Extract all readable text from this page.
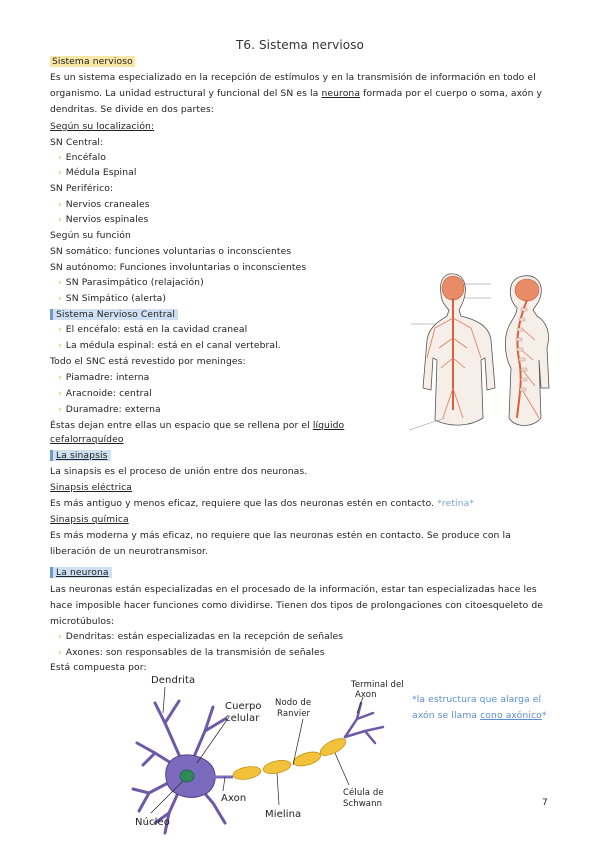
T6. Sistema nervioso
Sistema nervioso
Es un sistema especializado en la recepción de estímulos y en la transmisión de información en todo el
organismo. La unidad estructural y funcional del SN es la neurona formada por el cuerpo o soma, axón y
dendritas. Se divide en dos partes:
Según su localización:
SN Central:
› Encéfalo
› Médula Espinal
SN Periférico:
› Nervios craneales
› Nervios espinales
Según su función
SN somático: funciones voluntarias o inconscientes
SN autónomo: Funciones involuntarias o inconscientes
› SN Parasimpático (relajación)
› SN Simpático (alerta)
Sistema Nervioso Central
› El encéfalo: está en la cavidad craneal
› La médula espinal: está en el canal vertebral.
Todo el SNC está revestido por meninges:
› Piamadre: interna
› Aracnoide: central
› Duramadre: externa
Éstas dejan entre ellas un espacio que se rellena por el líquido
cefalorraquídeo
La sinapsis
La sinapsis es el proceso de unión entre dos neuronas.
Sinapsis eléctrica
Es más antiguo y menos eficaz, requiere que las dos neuronas estén en contacto. *retina*
Sinapsis química
Es más moderna y más eficaz, no requiere que las neuronas estén en contacto. Se produce con la
liberación de un neurotransmisor.
La neurona
Las neuronas están especializadas en el procesado de la información, estar tan especializadas hace les
hace imposible hacer funciones como dividirse. Tienen dos tipos de prolongaciones con citoesqueleto de
microtúbulos:
› Dendritas: están especializadas en la recepción de señales
› Axones: son responsables de la transmisión de señales
Está compuesta por:
Dendrita
Cuerpo
celular
Nodo de
Ranvier
Terminal del
Axon
Axon	Célula de
Schwann
Mielina
Núcleo
*la estructura que alarga el axón se llama cono axónico*
7
